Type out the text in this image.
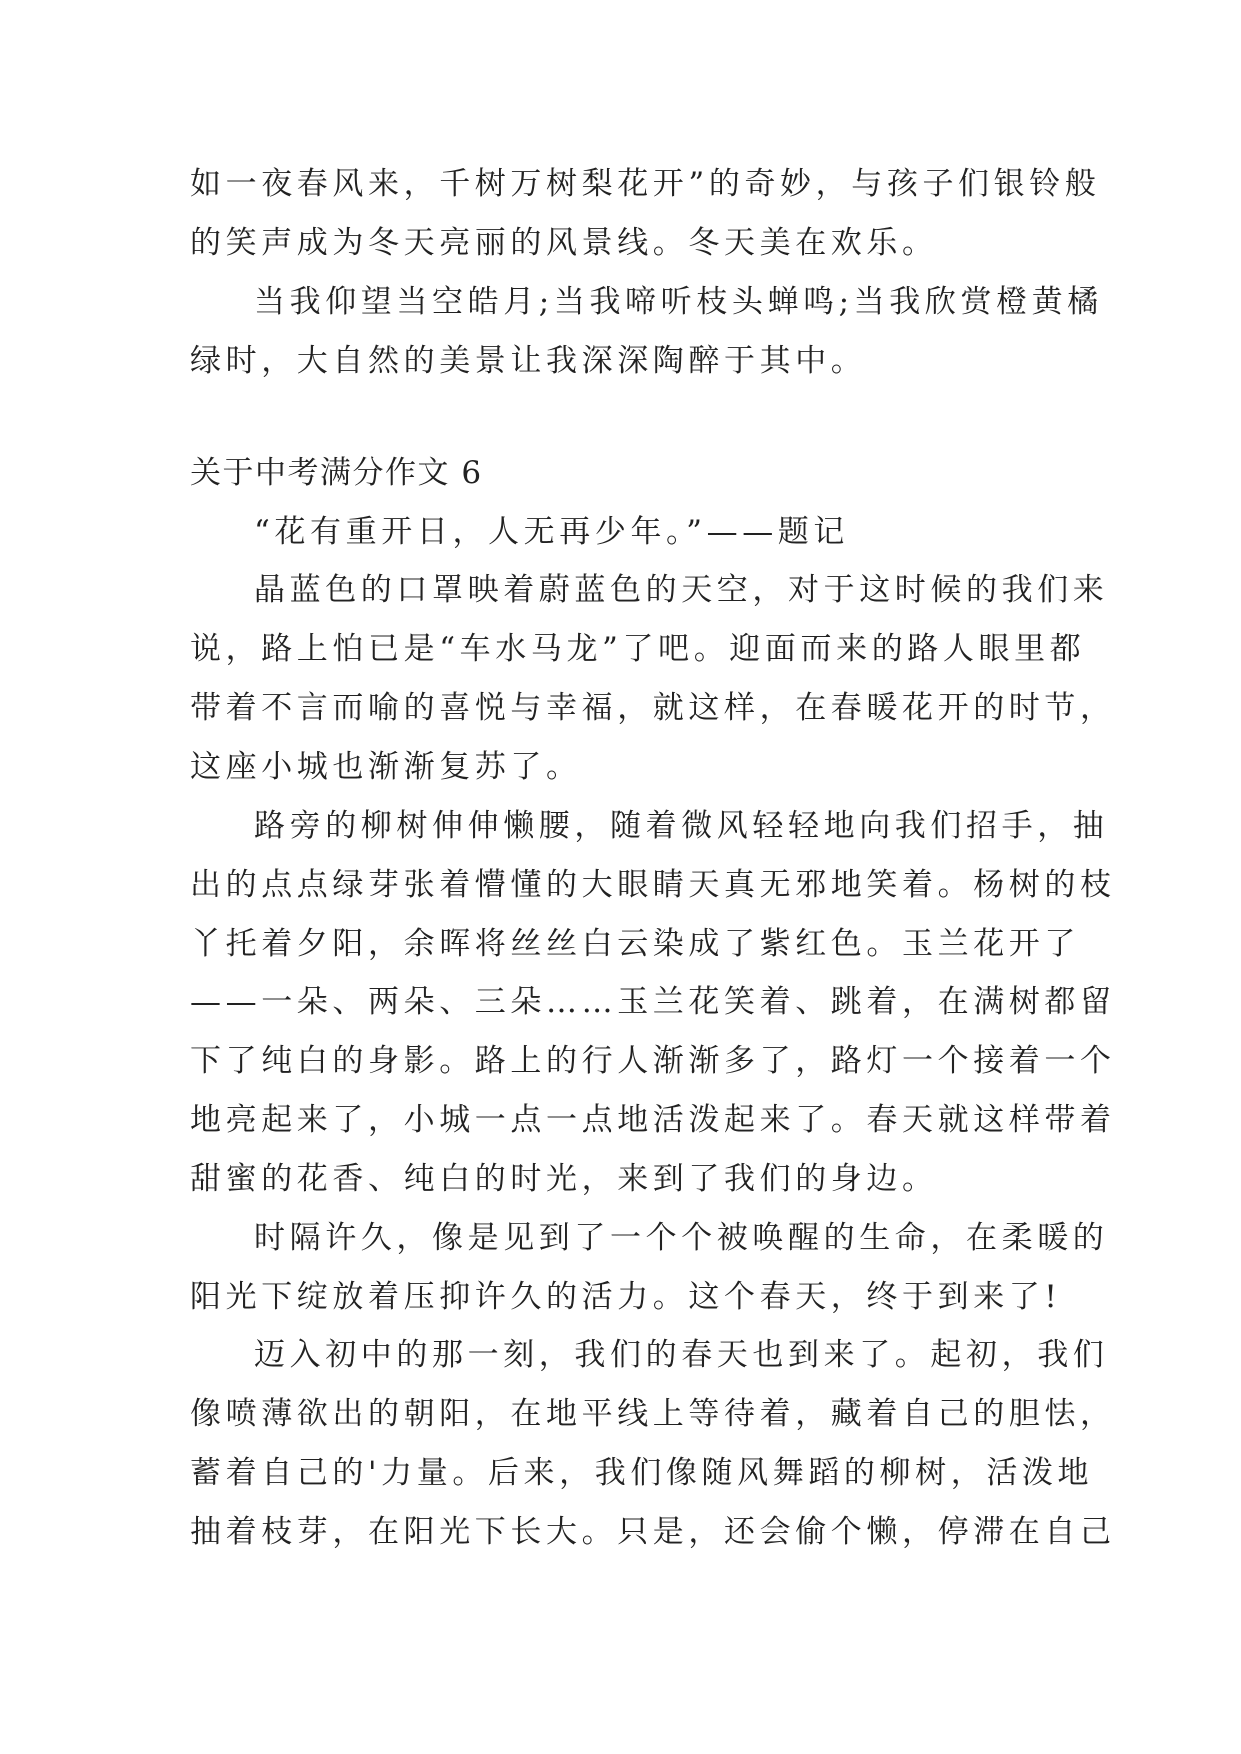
如一夜春风来，千树万树梨花开”的奇妙，与孩子们银铃般
的笑声成为冬天亮丽的风景线。冬天美在欢乐。
当我仰望当空皓月;当我啼听枝头蝉鸣;当我欣赏橙黄橘
绿时，大自然的美景让我深深陶醉于其中。
关于中考满分作文 6
“花有重开日，人无再少年。”——题记
晶蓝色的口罩映着蔚蓝色的天空，对于这时候的我们来
说，路上怕已是“车水马龙”了吧。迎面而来的路人眼里都
带着不言而喻的喜悦与幸福，就这样，在春暖花开的时节，
这座小城也渐渐复苏了。
路旁的柳树伸伸懒腰，随着微风轻轻地向我们招手，抽
出的点点绿芽张着懵懂的大眼睛天真无邪地笑着。杨树的枝
丫托着夕阳，余晖将丝丝白云染成了紫红色。玉兰花开了
——一朵、两朵、三朵……玉兰花笑着、跳着，在满树都留
下了纯白的身影。路上的行人渐渐多了，路灯一个接着一个
地亮起来了，小城一点一点地活泼起来了。春天就这样带着
甜蜜的花香、纯白的时光，来到了我们的身边。
时隔许久，像是见到了一个个被唤醒的生命，在柔暖的
阳光下绽放着压抑许久的活力。这个春天，终于到来了!
迈入初中的那一刻，我们的春天也到来了。起初，我们
像喷薄欲出的朝阳，在地平线上等待着，藏着自己的胆怯，
蓄着自己的'力量。后来，我们像随风舞蹈的柳树，活泼地
抽着枝芽，在阳光下长大。只是，还会偷个懒，停滞在自己
